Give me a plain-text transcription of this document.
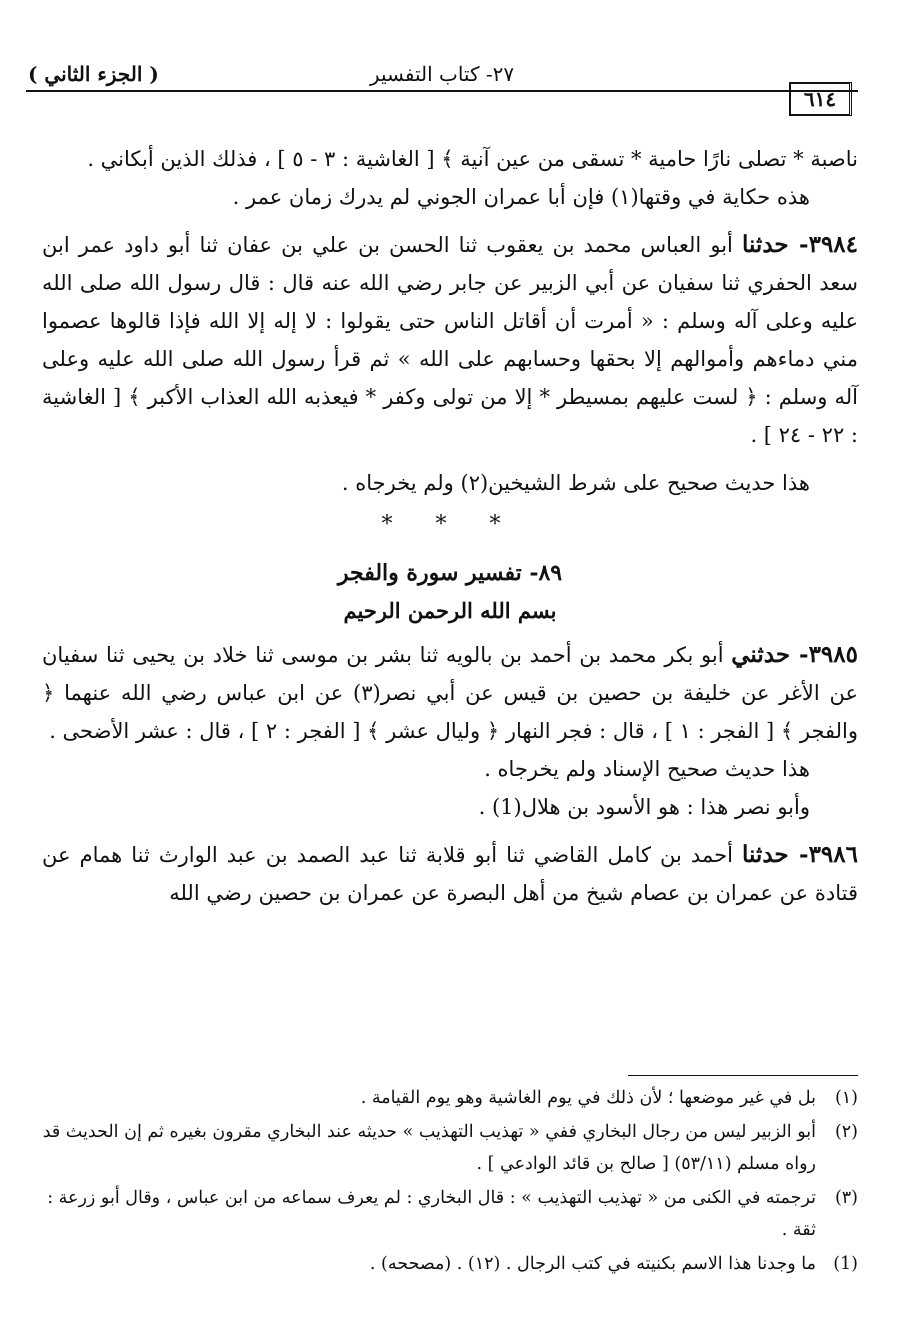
( الجزء الثاني )	٢٧- كتاب التفسير
٦١٤

ناصبة * تصلى نارًا حامية * تسقى من عين آنية ﴾ [ الغاشية : ٣ - ٥ ] ، فذلك الذين أبكاني .

هذه حكاية في وقتها(١) فإن أبا عمران الجوني لم يدرك زمان عمر .

٣٩٨٤- حدثنا أبو العباس محمد بن يعقوب ثنا الحسن بن علي بن عفان ثنا أبو داود عمر ابن سعد الحفري ثنا سفيان عن أبي الزبير عن جابر رضي الله عنه قال : قال رسول الله صلى الله عليه وعلى آله وسلم : « أمرت أن أقاتل الناس حتى يقولوا : لا إله إلا الله فإذا قالوها عصموا مني دماءهم وأموالهم إلا بحقها وحسابهم على الله » ثم قرأ رسول الله صلى الله عليه وعلى آله وسلم : ﴿ لست عليهم بمسيطر * إلا من تولى وكفر * فيعذبه الله العذاب الأكبر ﴾ [ الغاشية : ٢٢ - ٢٤ ] .

هذا حديث صحيح على شرط الشيخين(٢) ولم يخرجاه .

* * *
٨٩- تفسير سورة والفجر
بسم الله الرحمن الرحيم

٣٩٨٥- حدثني أبو بكر محمد بن أحمد بن بالويه ثنا بشر بن موسى ثنا خلاد بن يحيى ثنا سفيان عن الأغر عن خليفة بن حصين بن قيس عن أبي نصر(٣) عن ابن عباس رضي الله عنهما ﴿ والفجر ﴾ [ الفجر : ١ ] ، قال : فجر النهار ﴿ وليال عشر ﴾ [ الفجر : ٢ ] ، قال : عشر الأضحى .

هذا حديث صحيح الإسناد ولم يخرجاه .

وأبو نصر هذا : هو الأسود بن هلال(1) .

٣٩٨٦- حدثنا أحمد بن كامل القاضي ثنا أبو قلابة ثنا عبد الصمد بن عبد الوارث ثنا همام عن قتادة عن عمران بن عصام شيخ من أهل البصرة عن عمران بن حصين رضي الله

(١)
بل في غير موضعها ؛ لأن ذلك في يوم الغاشية وهو يوم القيامة .
(٢)
أبو الزبير ليس من رجال البخاري ففي « تهذيب التهذيب » حديثه عند البخاري مقرون بغيره ثم إن الحديث قد رواه مسلم (٥٣/١١) [ صالح بن قائد الوادعي ] .
(٣)
ترجمته في الكنى من « تهذيب التهذيب » : قال البخاري : لم يعرف سماعه من ابن عباس ، وقال أبو زرعة : ثقة .
(1)
ما وجدنا هذا الاسم بكنيته في كتب الرجال . (١٢) . (مصححه) .
